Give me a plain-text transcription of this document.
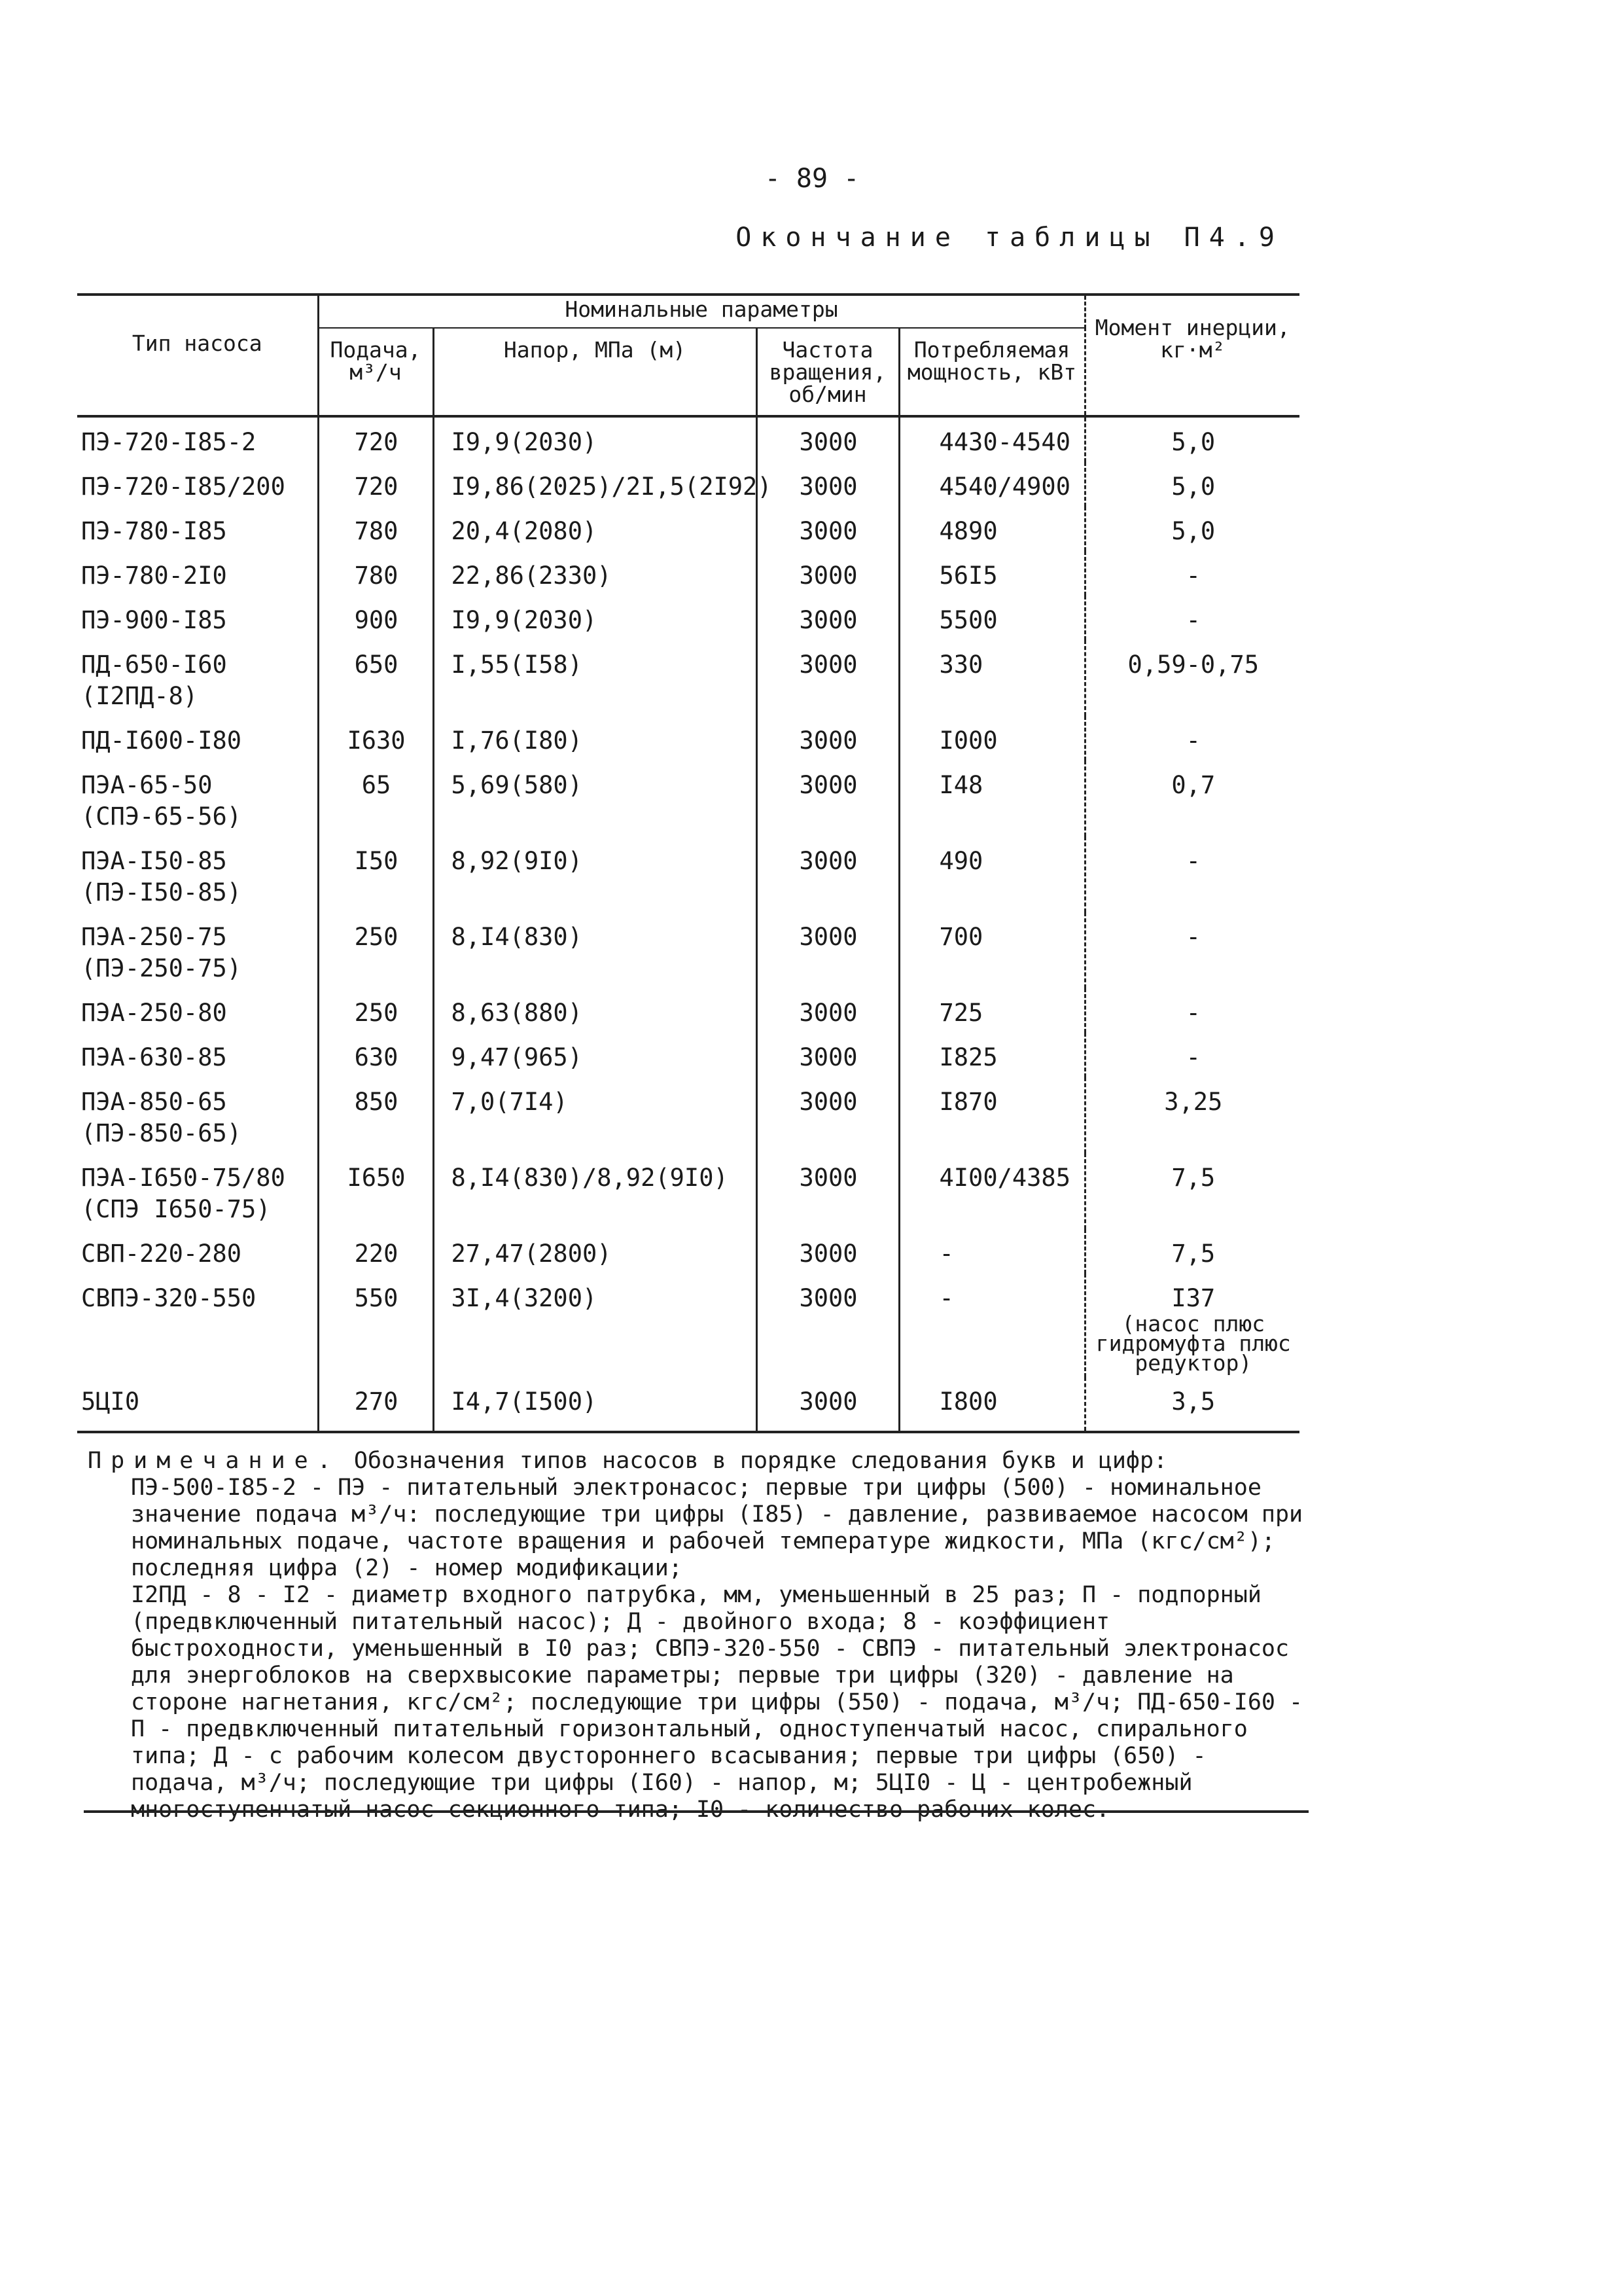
- 89 -
Окончание таблицы П4.9
Тип насоса	Номинальные параметры				Момент инерции, кг·м²
	Подача, м³/ч	Напор, МПа (м)	Частота вращения, об/мин	Потребляемая мощность, кВт	

ПЭ-720-I85-2	720	I9,9(2030)	3000	4430-4540	5,0

ПЭ-720-I85/200	720	I9,86(2025)/2I,5(2I92)	3000	4540/4900	5,0

ПЭ-780-I85	780	20,4(2080)	3000	4890	5,0

ПЭ-780-2I0	780	22,86(2330)	3000	56I5	-

ПЭ-900-I85	900	I9,9(2030)	3000	5500	-

ПД-650-I60
(I2ПД-8)	650	I,55(I58)	3000	330	0,59-0,75

ПД-I600-I80	I630	I,76(I80)	3000	I000	-

ПЭА-65-50
(СПЭ-65-56)	65	5,69(580)	3000	I48	0,7

ПЭА-I50-85
(ПЭ-I50-85)	I50	8,92(9I0)	3000	490	-

ПЭА-250-75
(ПЭ-250-75)	250	8,I4(830)	3000	700	-

ПЭА-250-80	250	8,63(880)	3000	725	-

ПЭА-630-85	630	9,47(965)	3000	I825	-

ПЭА-850-65
(ПЭ-850-65)	850	7,0(7I4)	3000	I870	3,25

ПЭА-I650-75/80
(СПЭ I650-75)	I650	8,I4(830)/8,92(9I0)	3000	4I00/4385	7,5

СВП-220-280	220	27,47(2800)	3000	-	7,5

СВПЭ-320-550	550	3I,4(3200)	3000	-	I37
(насос плюс гидромуфта плюс редуктор)

5ЦI0	270	I4,7(I500)	3000	I800	3,5

Примечание. Обозначения типов насосов в порядке следования букв и цифр:

ПЭ-500-I85-2 - ПЭ - питательный электронасос; первые три цифры (500) - номинальное значение подача м³/ч: последующие три цифры (I85) - давление, развиваемое насосом при номинальных подаче, частоте вращения и рабочей температуре жидкости, МПа (кгс/см²); последняя цифра (2) - номер модификации;

I2ПД - 8 - I2 - диаметр входного патрубка, мм, уменьшенный в 25 раз; П - подпорный (предвключенный питательный насос); Д - двойного входа; 8 - коэффициент быстроходности, уменьшенный в I0 раз; СВПЭ-320-550 - СВПЭ - питательный электронасос для энергоблоков на сверхвысокие параметры; первые три цифры (320) - давление на стороне нагнетания, кгс/см²; последующие три цифры (550) - подача, м³/ч; ПД-650-I60 - П - предвключенный питательный горизонтальный, одноступенчатый насос, спирального типа; Д - с рабочим колесом двустороннего всасывания; первые три цифры (650) - подача, м³/ч; последующие три цифры (I60) - напор, м; 5ЦI0 - Ц - центробежный многоступенчатый насос секционного типа; I0 - количество рабочих колес.
